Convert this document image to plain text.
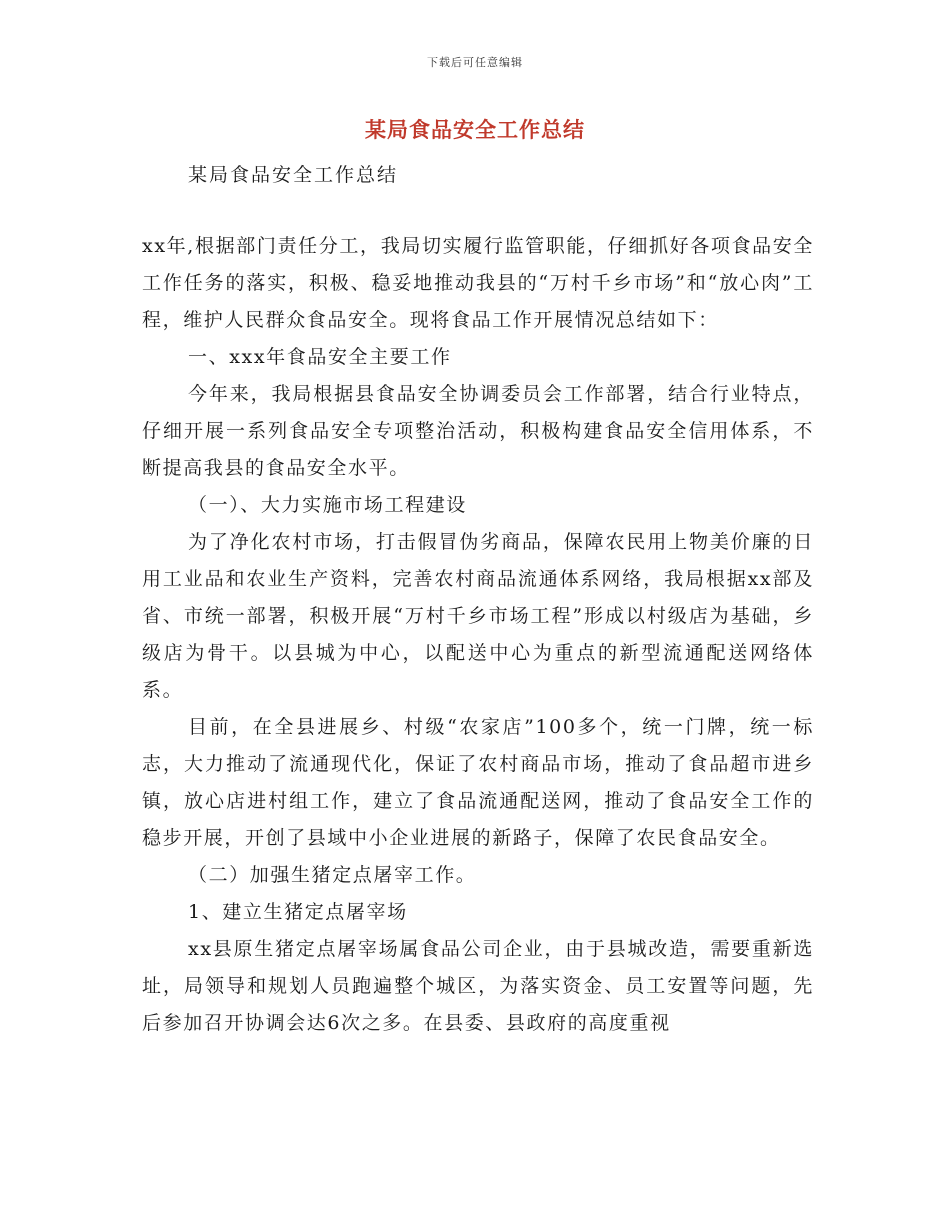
下载后可任意编辑
某局食品安全工作总结
某局食品安全工作总结

xx年,根据部门责任分工，我局切实履行监管职能，仔细抓好各项食品安全工作任务的落实，积极、稳妥地推动我县的“万村千乡市场”和“放心肉”工程，维护人民群众食品安全。现将食品工作开展情况总结如下：

一、xxx年食品安全主要工作

今年来，我局根据县食品安全协调委员会工作部署，结合行业特点，仔细开展一系列食品安全专项整治活动，积极构建食品安全信用体系，不断提高我县的食品安全水平。

（一）、大力实施市场工程建设

为了净化农村市场，打击假冒伪劣商品，保障农民用上物美价廉的日用工业品和农业生产资料，完善农村商品流通体系网络，我局根据xx部及省、市统一部署，积极开展“万村千乡市场工程”形成以村级店为基础，乡级店为骨干。以县城为中心，以配送中心为重点的新型流通配送网络体系。

目前，在全县进展乡、村级“农家店”100多个，统一门牌，统一标志，大力推动了流通现代化，保证了农村商品市场，推动了食品超市进乡镇，放心店进村组工作，建立了食品流通配送网，推动了食品安全工作的稳步开展，开创了县域中小企业进展的新路子，保障了农民食品安全。

（二）加强生猪定点屠宰工作。

1、建立生猪定点屠宰场

xx县原生猪定点屠宰场属食品公司企业，由于县城改造，需要重新选址，局领导和规划人员跑遍整个城区，为落实资金、员工安置等问题，先后参加召开协调会达6次之多。在县委、县政府的高度重视
